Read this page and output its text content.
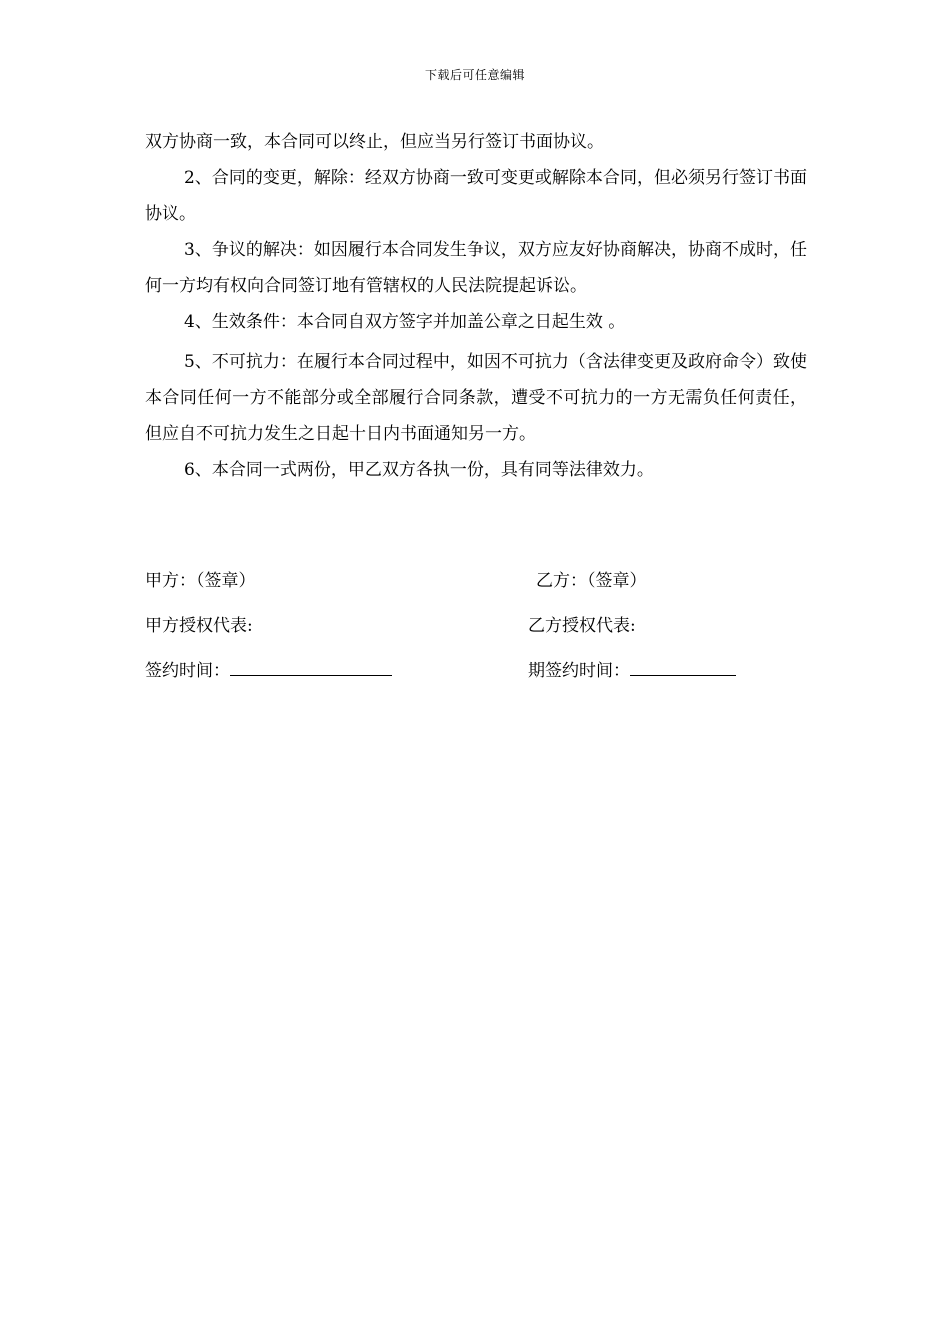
下载后可任意编辑

双方协商一致，本合同可以终止，但应当另行签订书面协议。

2、合同的变更，解除：经双方协商一致可变更或解除本合同，但必须另行签订书面协议。

3、争议的解决：如因履行本合同发生争议，双方应友好协商解决，协商不成时，任何一方均有权向合同签订地有管辖权的人民法院提起诉讼。

4、生效条件：本合同自双方签字并加盖公章之日起生效 。

5、不可抗力：在履行本合同过程中，如因不可抗力（含法律变更及政府命令）致使本合同任何一方不能部分或全部履行合同条款，遭受不可抗力的一方无需负任何责任，但应自不可抗力发生之日起十日内书面通知另一方。

6、本合同一式两份，甲乙双方各执一份，具有同等法律效力。

甲方：（签章）	乙方：（签章）
甲方授权代表:	乙方授权代表:
签约时间：	期签约时间：
